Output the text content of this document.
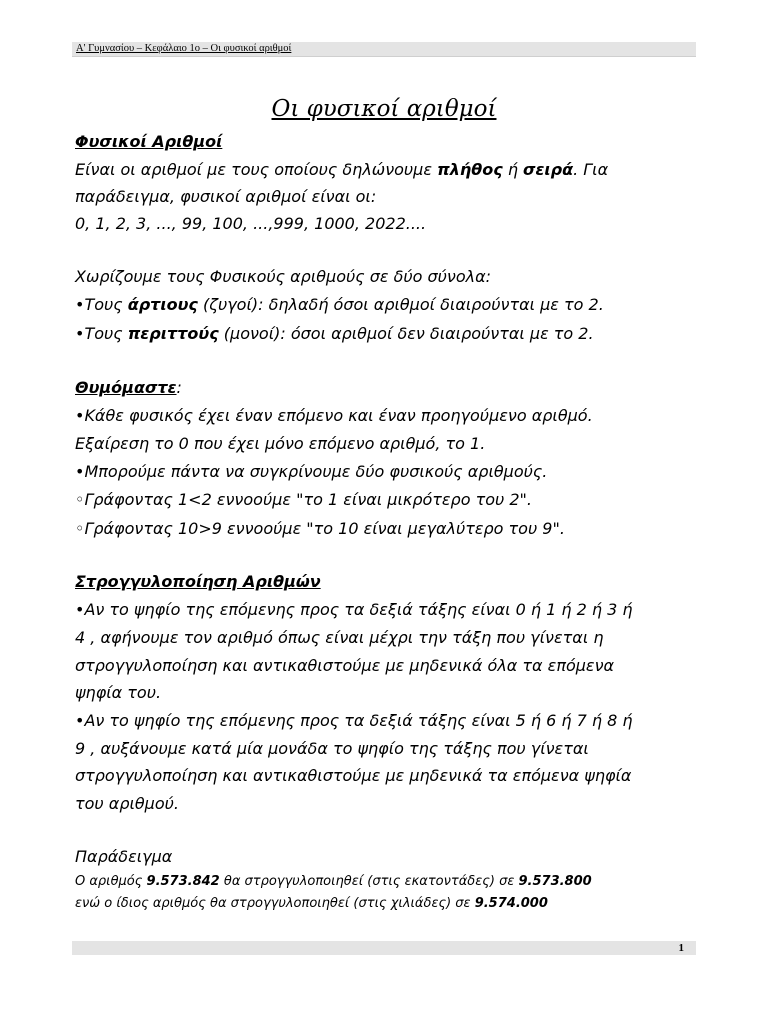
Α' Γυμνασίου – Κεφάλαιο 1ο – Οι φυσικοί αριθμοί
Οι φυσικοί αριθμοί
Φυσικοί Αριθμοί
Είναι οι αριθμοί με τους οποίους δηλώνουμε πλήθος ή σειρά. Για
παράδειγμα, φυσικοί αριθμοί είναι οι:
0, 1, 2, 3, ..., 99, 100, ...,999, 1000, 2022....
Χωρίζουμε τους Φυσικούς αριθμούς σε δύο σύνολα:
•Τους άρτιους (ζυγοί): δηλαδή όσοι αριθμοί διαιρούνται με το 2.
•Τους περιττούς (μονοί): όσοι αριθμοί δεν διαιρούνται με το 2.
Θυμόμαστε:
•Κάθε φυσικός έχει έναν επόμενο και έναν προηγούμενο αριθμό.
Εξαίρεση το 0 που έχει μόνο επόμενο αριθμό, το 1.
•Μπορούμε πάντα να συγκρίνουμε δύο φυσικούς αριθμούς.
◦Γράφοντας 1<2 εννοούμε "το 1 είναι μικρότερο του 2".
◦Γράφοντας 10>9 εννοούμε "το 10 είναι μεγαλύτερο του 9".
Στρογγυλοποίηση Αριθμών
•Αν το ψηφίο της επόμενης προς τα δεξιά τάξης είναι 0 ή 1 ή 2 ή 3 ή
4 , αφήνουμε τον αριθμό όπως είναι μέχρι την τάξη που γίνεται η
στρογγυλοποίηση και αντικαθιστούμε με μηδενικά όλα τα επόμενα
ψηφία του.
•Αν το ψηφίο της επόμενης προς τα δεξιά τάξης είναι 5 ή 6 ή 7 ή 8 ή
9 , αυξάνουμε κατά μία μονάδα το ψηφίο της τάξης που γίνεται
στρογγυλοποίηση και αντικαθιστούμε με μηδενικά τα επόμενα ψηφία
του αριθμού.
Παράδειγμα
Ο αριθμός 9.573.842 θα στρογγυλοποιηθεί (στις εκατοντάδες) σε 9.573.800
ενώ ο ίδιος αριθμός θα στρογγυλοποιηθεί (στις χιλιάδες) σε 9.574.000
1
